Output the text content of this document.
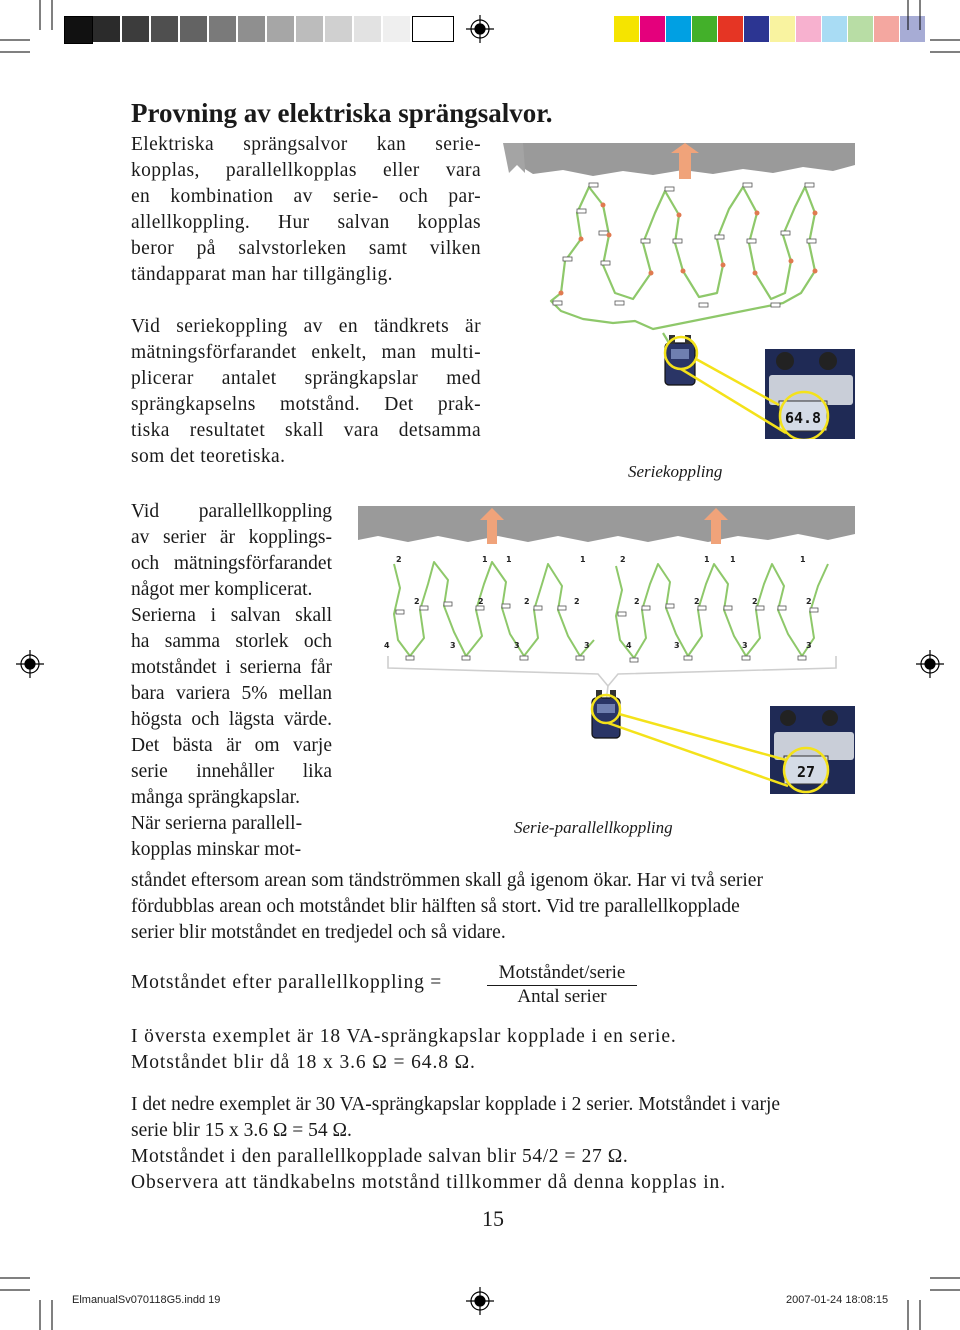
Provning av elektriska sprängsalvor.
Elektriska sprängsalvor kan serie-
kopplas, parallellkopplas eller vara
en kombination av serie- och par-
allellkoppling. Hur salvan kopplas
beror på salvstorleken samt vilken
tändapparat man har tillgänglig.
Vid seriekoppling av en tändkrets är
mätningsförfarandet enkelt, man multi-
plicerar antalet sprängkapslar med
sprängkapselns motstånd. Det prak-
tiska resultatet skall vara detsamma
som det teoretiska.
Vid parallellkoppling
av serier är kopplings-
och mätningsförfarandet
något mer komplicerat.
Serierna i salvan skall
ha samma storlek och
motståndet i serierna får
bara variera 5% mellan
högsta och lägsta värde.
Det bästa är om varje
serie innehåller lika
många sprängkapslar.
När serierna parallell-
kopplas minskar mot-
ståndet eftersom arean som tändströmmen skall gå igenom ökar. Har vi två serier
fördubblas arean och motståndet blir hälften så stort. Vid tre parallellkopplade
serier blir motståndet en tredjedel och så vidare.
Motståndet efter parallellkoppling =	Motståndet/serie
Antal serier
I översta exemplet är 18 VA-sprängkapslar kopplade i en serie.
Motståndet blir då 18 x 3.6 Ω = 64.8 Ω.
I det nedre exemplet är 30 VA-sprängkapslar kopplade i 2 serier. Motståndet i varje
serie blir 15 x 3.6 Ω = 54 Ω.
Motståndet i den parallellkopplade salvan blir 54/2 = 27 Ω.
Observera att tändkabelns motstånd tillkommer då denna kopplas in.
15
ElmanualSv070118G5.indd 19	2007-01-24 18:08:15
64.8
Seriekoppling
2	1 1	1
2	2	2	2
4	3	3	3
2	1	1	1
2	2	2	2
4	3	3	3
27
Serie-parallellkoppling
